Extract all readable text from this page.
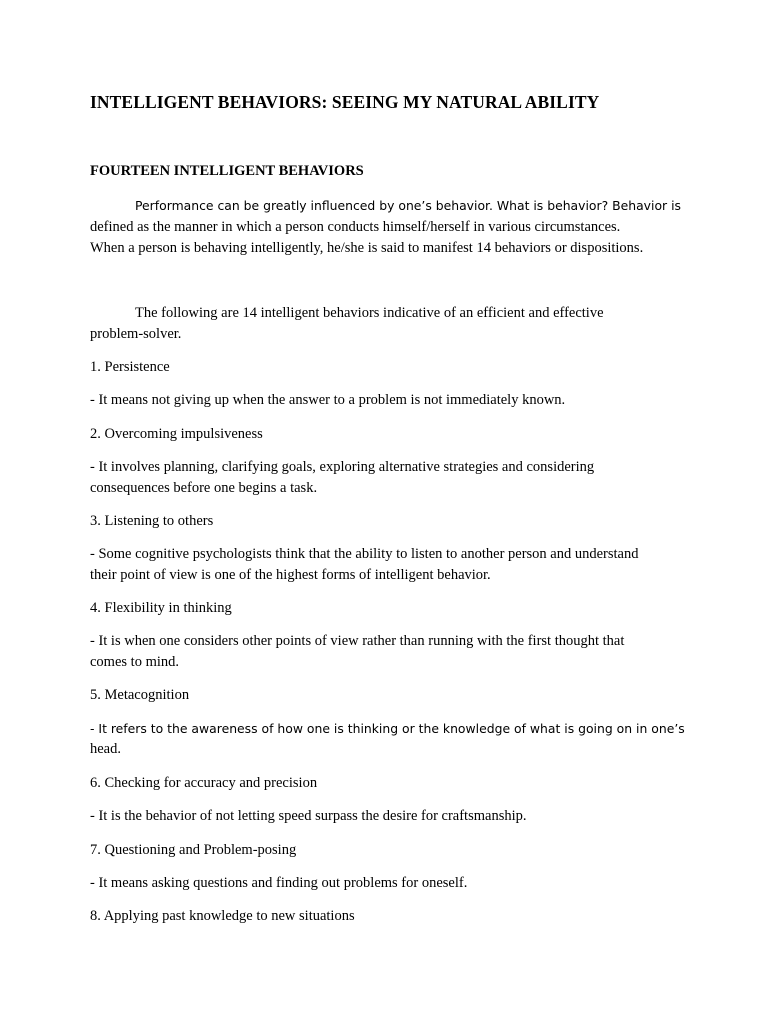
INTELLIGENT BEHAVIORS: SEEING MY NATURAL ABILITY
FOURTEEN INTELLIGENT BEHAVIORS
Performance can be greatly influenced by one’s behavior. What is behavior? Behavior is
defined as the manner in which a person conducts himself/herself in various circumstances.
When a person is behaving intelligently, he/she is said to manifest 14 behaviors or dispositions.
The following are 14 intelligent behaviors indicative of an efficient and effective
problem-solver.
1. Persistence
- It means not giving up when the answer to a problem is not immediately known.
2. Overcoming impulsiveness
- It involves planning, clarifying goals, exploring alternative strategies and considering
consequences before one begins a task.
3. Listening to others
- Some cognitive psychologists think that the ability to listen to another person and understand
their point of view is one of the highest forms of intelligent behavior.
4. Flexibility in thinking
- It is when one considers other points of view rather than running with the first thought that
comes to mind.
5. Metacognition
- It refers to the awareness of how one is thinking or the knowledge of what is going on in one’s
head.
6. Checking for accuracy and precision
- It is the behavior of not letting speed surpass the desire for craftsmanship.
7. Questioning and Problem-posing
- It means asking questions and finding out problems for oneself.
8. Applying past knowledge to new situations
